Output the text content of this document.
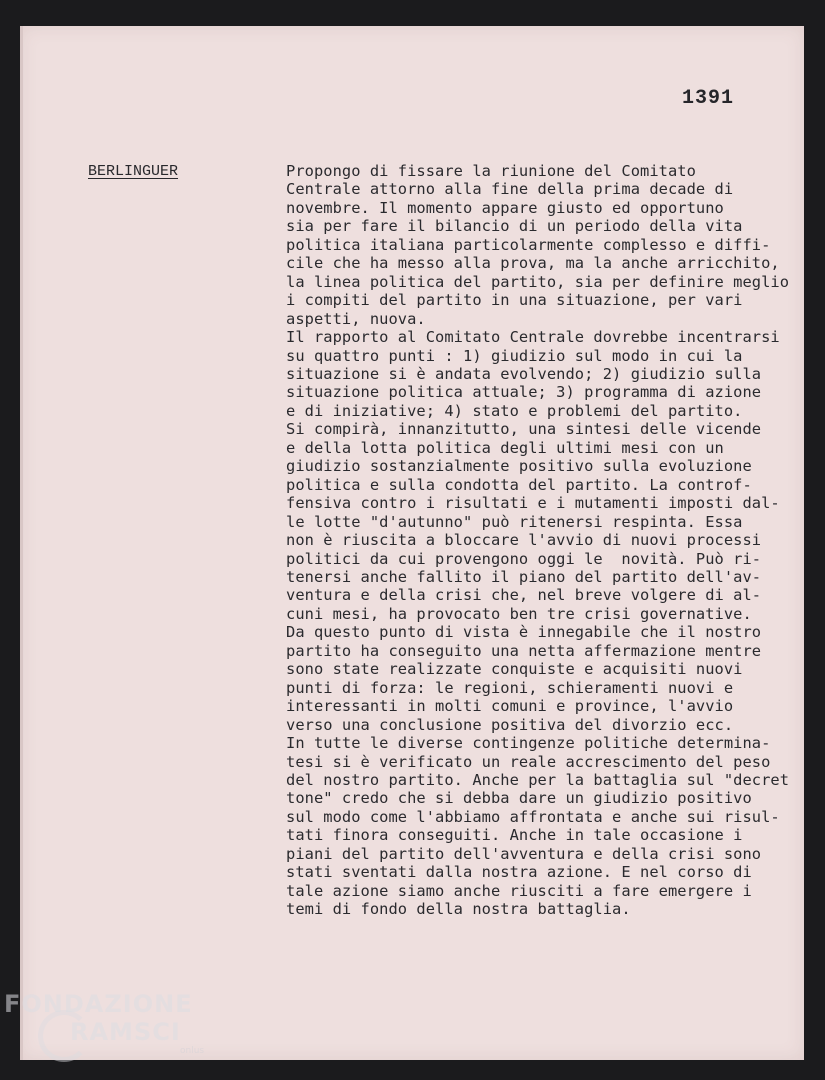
1391
BERLINGUER	Propongo di fissare la riunione del Comitato
Centrale attorno alla fine della prima decade di
novembre. Il momento appare giusto ed opportuno
sia per fare il bilancio di un periodo della vita
politica italiana particolarmente complesso e diffi-
cile che ha messo alla prova, ma la anche arricchito,
la linea politica del partito, sia per definire meglio
i compiti del partito in una situazione, per vari
aspetti, nuova.
Il rapporto al Comitato Centrale dovrebbe incentrarsi
su quattro punti : 1) giudizio sul modo in cui la
situazione si è andata evolvendo; 2) giudizio sulla
situazione politica attuale; 3) programma di azione
e di iniziative; 4) stato e problemi del partito.
Si compirà, innanzitutto, una sintesi delle vicende
e della lotta politica degli ultimi mesi con un
giudizio sostanzialmente positivo sulla evoluzione
politica e sulla condotta del partito. La controf-
fensiva contro i risultati e i mutamenti imposti dal-
le lotte "d'autunno" può ritenersi respinta. Essa
non è riuscita a bloccare l'avvio di nuovi processi
politici da cui provengono oggi le  novità. Può ri-
tenersi anche fallito il piano del partito dell'av-
ventura e della crisi che, nel breve volgere di al-
cuni mesi, ha provocato ben tre crisi governative.
Da questo punto di vista è innegabile che il nostro
partito ha conseguito una netta affermazione mentre
sono state realizzate conquiste e acquisiti nuovi
punti di forza: le regioni, schieramenti nuovi e
interessanti in molti comuni e province, l'avvio
verso una conclusione positiva del divorzio ecc.
In tutte le diverse contingenze politiche determina-
tesi si è verificato un reale accrescimento del peso
del nostro partito. Anche per la battaglia sul "decret
tone" credo che si debba dare un giudizio positivo
sul modo come l'abbiamo affrontata e anche sui risul-
tati finora conseguiti. Anche in tale occasione i
piani del partito dell'avventura e della crisi sono
stati sventati dalla nostra azione. E nel corso di
tale azione siamo anche riusciti a fare emergere i
temi di fondo della nostra battaglia.
FONDAZIONE
RAMSCI
onlus
